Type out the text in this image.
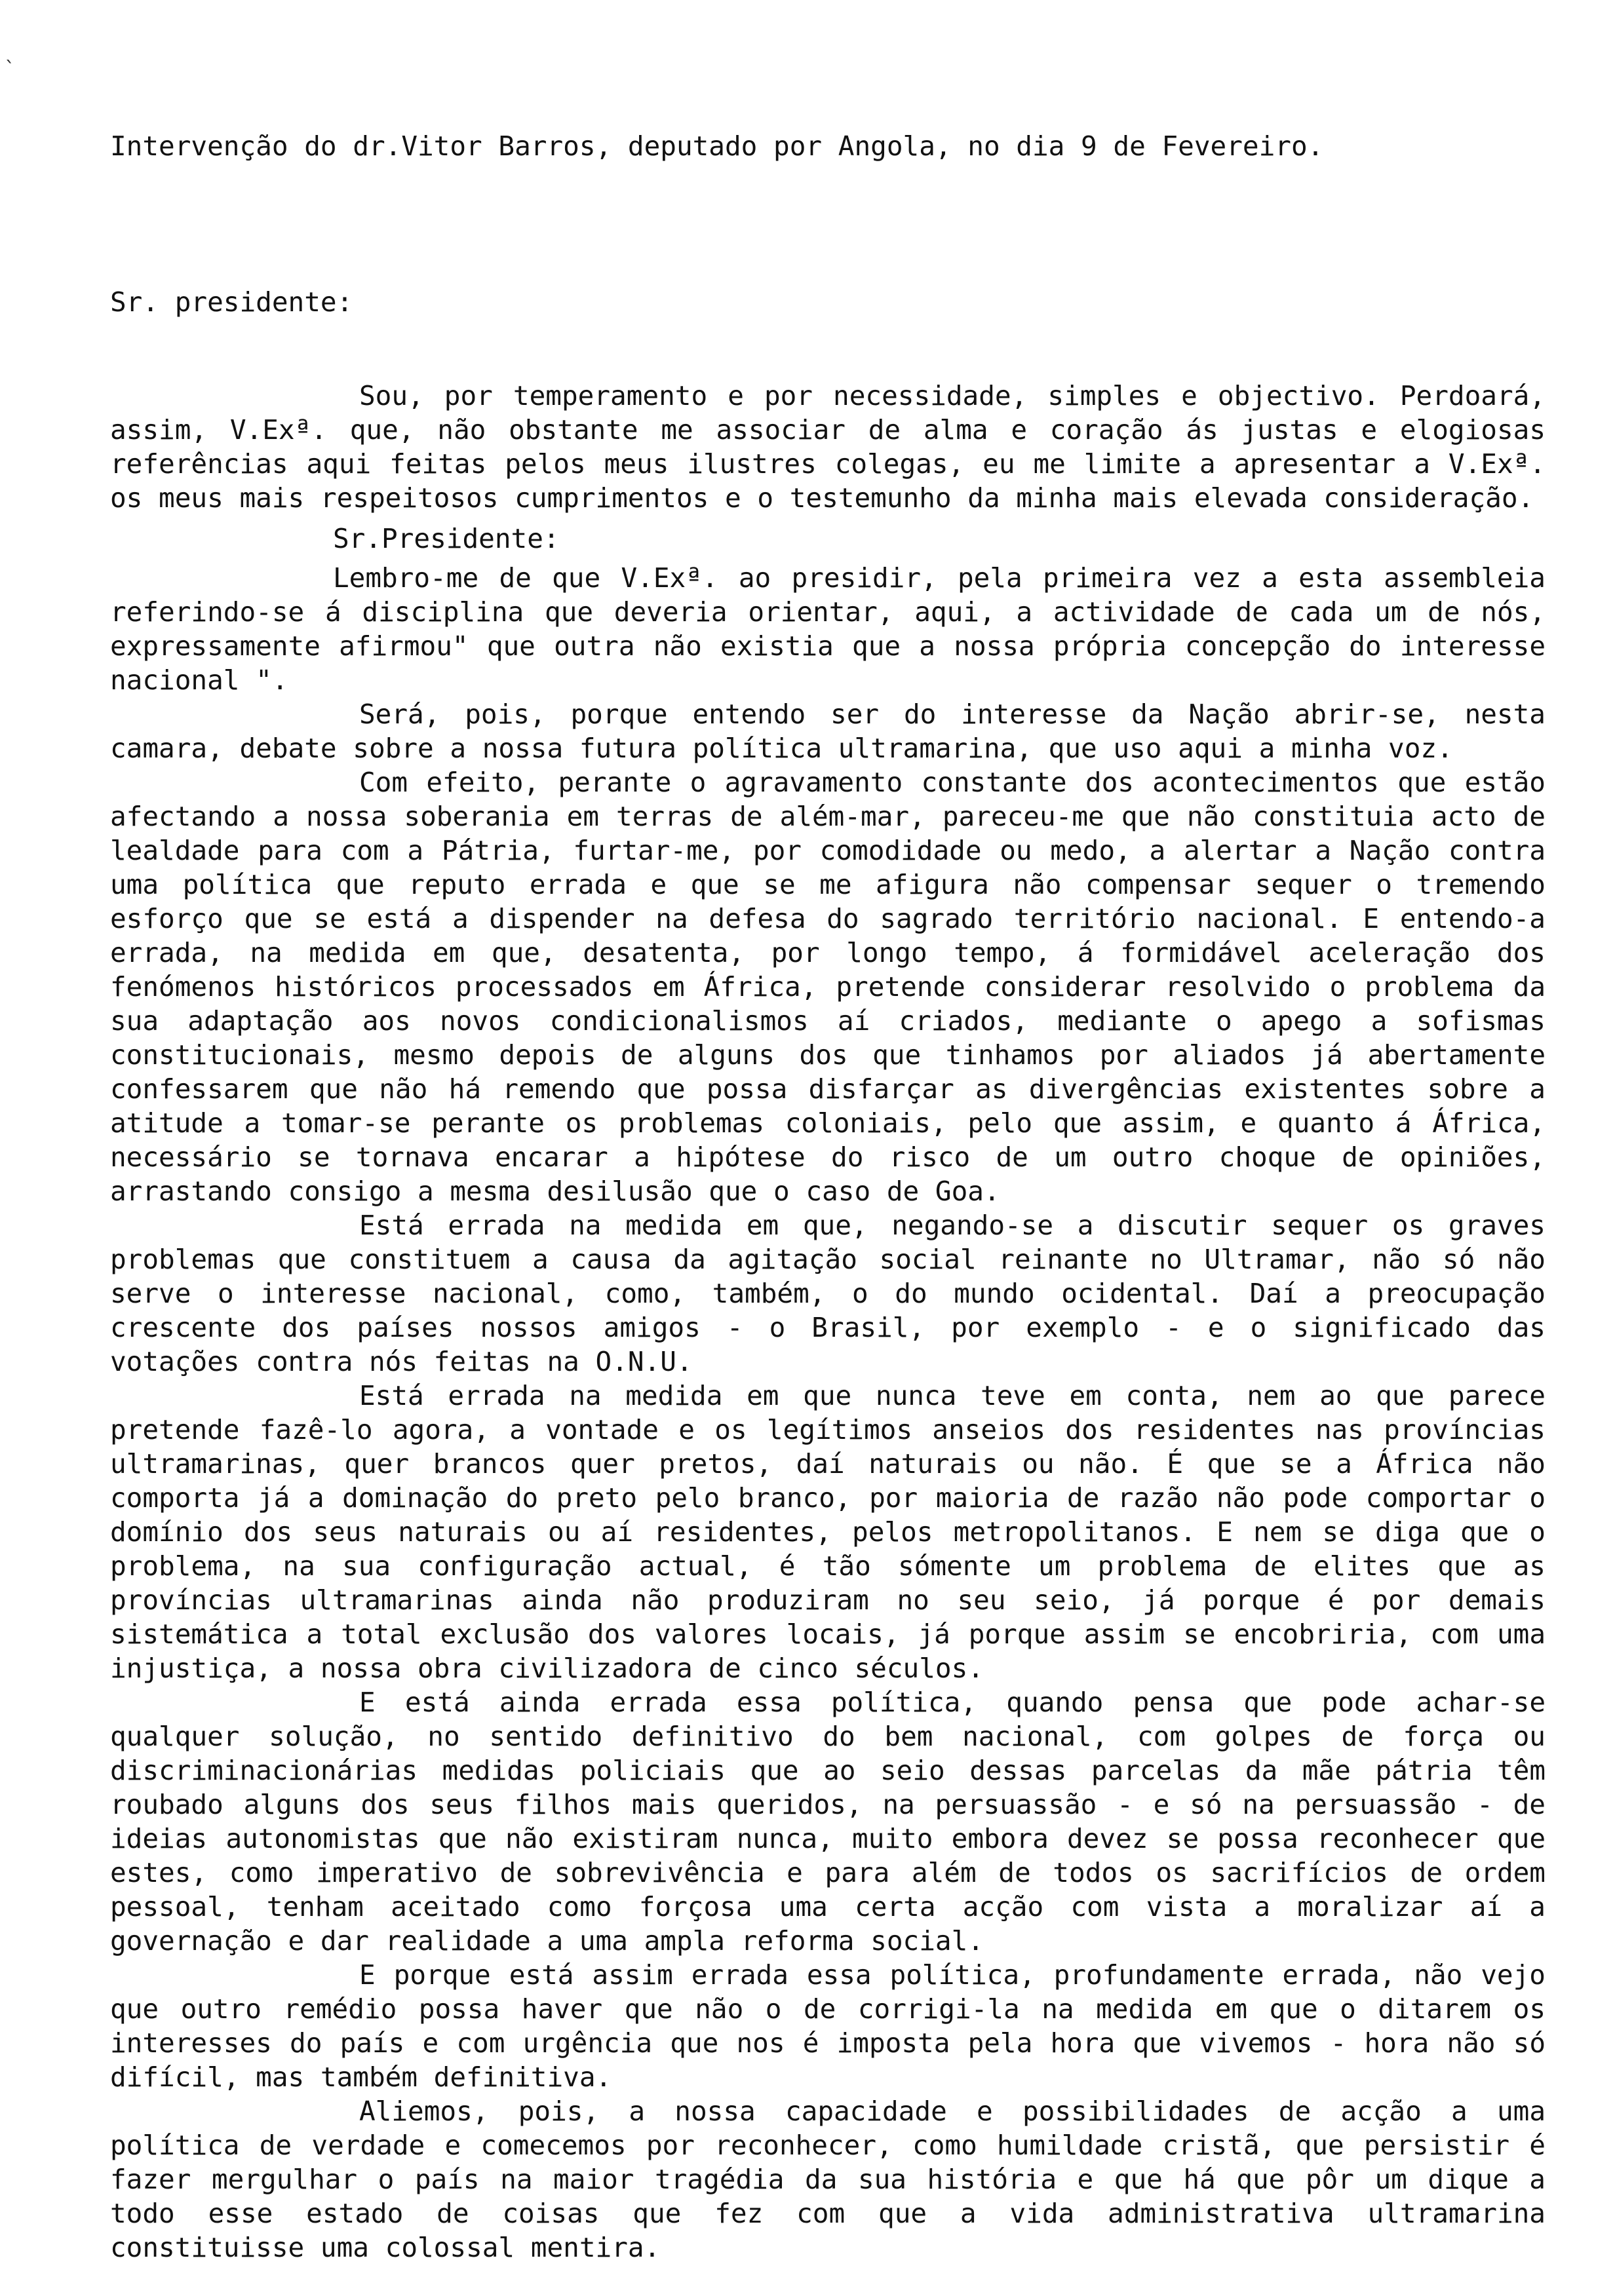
`
Intervenção do dr.Vitor Barros, deputado por Angola, no dia 9 de Fevereiro.
Sr. presidente:

Sou, por temperamento e por necessidade, simples e objectivo. Perdoará, assim, V.Exª. que, não obstante me associar de alma e coração ás justas e elogiosas referências aqui feitas pelos meus ilustres colegas, eu me limite a apresentar a V.Exª. os meus mais respeitosos cumprimentos e o testemunho da minha mais elevada consideração.

Sr.Presidente:

Lembro-me de que V.Exª. ao presidir, pela primeira vez a esta assembleia referindo-se á disciplina que deveria orientar, aqui, a actividade de cada um de nós, expressamente afirmou" que outra não existia que a nossa própria concepção do interesse nacional ".

Será, pois, porque entendo ser do interesse da Nação abrir-se, nesta camara, debate sobre a nossa futura política ultramarina, que uso aqui a minha voz.

Com efeito, perante o agravamento constante dos acontecimentos que estão afectando a nossa soberania em terras de além-mar, pareceu-me que não constituia acto de lealdade para com a Pátria, furtar-me, por comodidade ou medo, a alertar a Nação contra uma política que reputo errada e que se me afigura não compensar sequer o tremendo esforço que se está a dispender na defesa do sagrado território nacional. E entendo-a errada, na medida em que, desatenta, por longo tempo, á formidável aceleração dos fenómenos históricos processados em África, pretende considerar resolvido o problema da sua adaptação aos novos condicionalismos aí criados, mediante o apego a sofismas constitucionais, mesmo depois de alguns dos que tinhamos por aliados já abertamente confessarem que não há remendo que possa disfarçar as divergências existentes sobre a atitude a tomar-se perante os problemas coloniais, pelo que assim, e quanto á África, necessário se tornava encarar a hipótese do risco de um outro choque de opiniões, arrastando consigo a mesma desilusão que o caso de Goa.

Está errada na medida em que, negando-se a discutir sequer os graves problemas que constituem a causa da agitação social reinante no Ultramar, não só não serve o interesse nacional, como, também, o do mundo ocidental. Daí a preocupação crescente dos países nossos amigos - o Brasil, por exemplo - e o significado das votações contra nós feitas na O.N.U.

Está errada na medida em que nunca teve em conta, nem ao que parece pretende fazê-lo agora, a vontade e os legítimos anseios dos residentes nas províncias ultramarinas, quer brancos quer pretos, daí naturais ou não. É que se a África não comporta já a dominação do preto pelo branco, por maioria de razão não pode comportar o domínio dos seus naturais ou aí residentes, pelos metropolitanos. E nem se diga que o problema, na sua configuração actual, é tão sómente um problema de elites que as províncias ultramarinas ainda não produziram no seu seio, já porque é por demais sistemática a total exclusão dos valores locais, já porque assim se encobriria, com uma injustiça, a nossa obra civilizadora de cinco séculos.

E está ainda errada essa política, quando pensa que pode achar-se qualquer solução, no sentido definitivo do bem nacional, com golpes de força ou discriminacionárias medidas policiais que ao seio dessas parcelas da mãe pátria têm roubado alguns dos seus filhos mais queridos, na persuassão - e só na persuassão - de ideias autonomistas que não existiram nunca, muito embora devez se possa reconhecer que estes, como imperativo de sobrevivência e para além de todos os sacrifícios de ordem pessoal, tenham aceitado como forçosa uma certa acção com vista a moralizar aí a governação e dar realidade a uma ampla reforma social.

E porque está assim errada essa política, profundamente errada, não vejo que outro remédio possa haver que não o de corrigi-la na medida em que o ditarem os interesses do país e com urgência que nos é imposta pela hora que vivemos - hora não só difícil, mas também definitiva.

Aliemos, pois, a nossa capacidade e possibilidades de acção a uma política de verdade e comecemos por reconhecer, como humildade cristã, que persistir é fazer mergulhar o país na maior tragédia da sua história e que há que pôr um dique a todo esse estado de coisas que fez com que a vida administrativa ultramarina constituisse uma colossal mentira.
